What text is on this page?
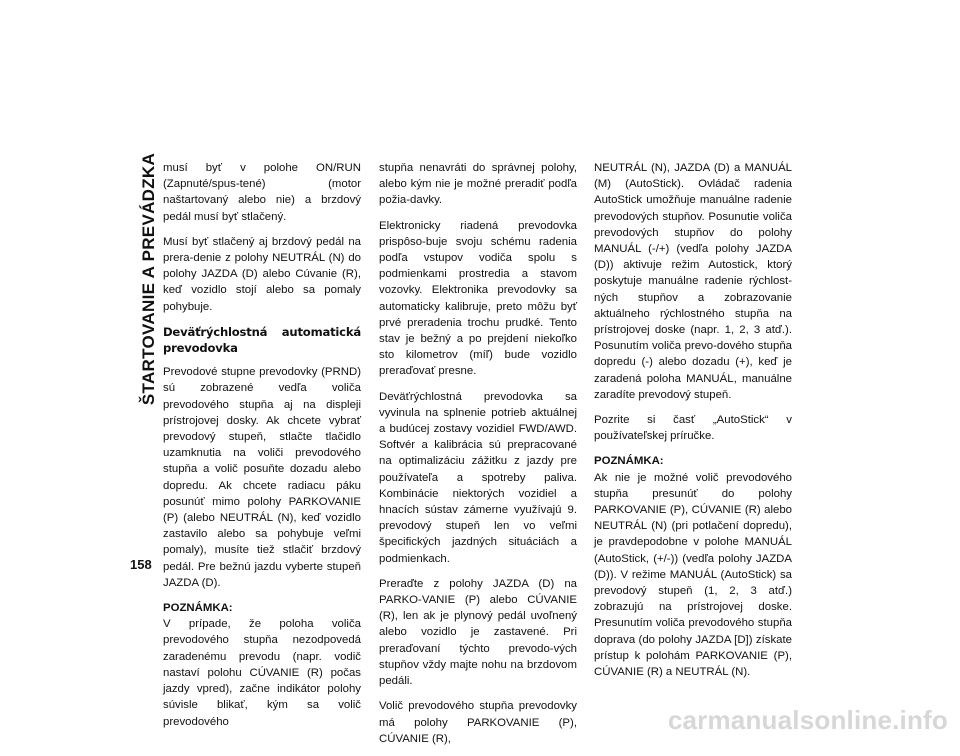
ŠTARTOVANIE A PREVÁDZKA musí byť v polohe ON/RUN (Zapnuté/spus-tené) (motor naštartovaný alebo nie) a brzdový pedál musí byť stlačený.

Musí byť stlačený aj brzdový pedál na prera-denie z polohy NEUTRÁL (N) do polohy JAZDA (D) alebo Cúvanie (R), keď vozidlo stojí alebo sa pomaly pohybuje.

Deväťrýchlostná automatická prevodovka

Prevodové stupne prevodovky (PRND) sú zobrazené vedľa voliča prevodového stupňa aj na displeji prístrojovej dosky. Ak chcete vybrať prevodový stupeň, stlačte tlačidlo uzamknutia na voliči prevodového stupňa a volič posuňte dozadu alebo dopredu. Ak chcete radiacu páku posunúť mimo polohy PARKOVANIE (P) (alebo NEUTRÁL (N), keď vozidlo zastavilo alebo sa pohybuje veľmi pomaly), musíte tiež stlačiť brzdový pedál. Pre bežnú jazdu vyberte stupeň JAZDA (D).

POZNÁMKA:

V prípade, že poloha voliča prevodového stupňa nezodpovedá zaradenému prevodu (napr. vodič nastaví polohu CÚVANIE (R) počas jazdy vpred), začne indikátor polohy súvisle blikať, kým sa volič prevodového

stupňa nenavráti do správnej polohy, alebo kým nie je možné preradiť podľa požia-davky.

Elektronicky riadená prevodovka prispôso-buje svoju schému radenia podľa vstupov vodiča spolu s podmienkami prostredia a stavom vozovky. Elektronika prevodovky sa automaticky kalibruje, preto môžu byť prvé preradenia trochu prudké. Tento stav je bežný a po prejdení niekoľko sto kilometrov (míľ) bude vozidlo preraďovať presne.

Deväťrýchlostná prevodovka sa vyvinula na splnenie potrieb aktuálnej a budúcej zostavy vozidiel FWD/AWD. Softvér a kalibrácia sú prepracované na optimalizáciu zážitku z jazdy pre používateľa a spotreby paliva. Kombinácie niektorých vozidiel a hnacích sústav zámerne využívajú 9. prevodový stupeň len vo veľmi špecifických jazdných situáciách a podmienkach.

Preraďte z polohy JAZDA (D) na PARKO-VANIE (P) alebo CÚVANIE (R), len ak je plynový pedál uvoľnený alebo vozidlo je zastavené. Pri preraďovaní týchto prevodo-vých stupňov vždy majte nohu na brzdovom pedáli.

Volič prevodového stupňa prevodovky má polohy PARKOVANIE (P), CÚVANIE (R),

NEUTRÁL (N), JAZDA (D) a MANUÁL (M) (AutoStick). Ovládač radenia AutoStick umožňuje manuálne radenie prevodových stupňov. Posunutie voliča prevodových stupňov do polohy MANUÁL (-/+) (vedľa polohy JAZDA (D)) aktivuje režim Autostick, ktorý poskytuje manuálne radenie rýchlost-ných stupňov a zobrazovanie aktuálneho rýchlostného stupňa na prístrojovej doske (napr. 1, 2, 3 atď.). Posunutím voliča prevo-dového stupňa dopredu (-) alebo dozadu (+), keď je zaradená poloha MANUÁL, manuálne zaradíte prevodový stupeň.

Pozrite si časť „AutoStick“ v používateľskej príručke.

POZNÁMKA:

Ak nie je možné volič prevodového stupňa presunúť do polohy PARKOVANIE (P), CÚVANIE (R) alebo NEUTRÁL (N) (pri potlačení dopredu), je pravdepodobne v polohe MANUÁL (AutoStick, (+/-)) (vedľa polohy JAZDA (D)). V režime MANUÁL (AutoStick) sa prevodový stupeň (1, 2, 3 atď.) zobrazujú na prístrojovej doske. Presunutím voliča prevodového stupňa doprava (do polohy JAZDA [D]) získate prístup k polohám PARKOVANIE (P), CÚVANIE (R) a NEUTRÁL (N).

158
carmanualsonline.info
